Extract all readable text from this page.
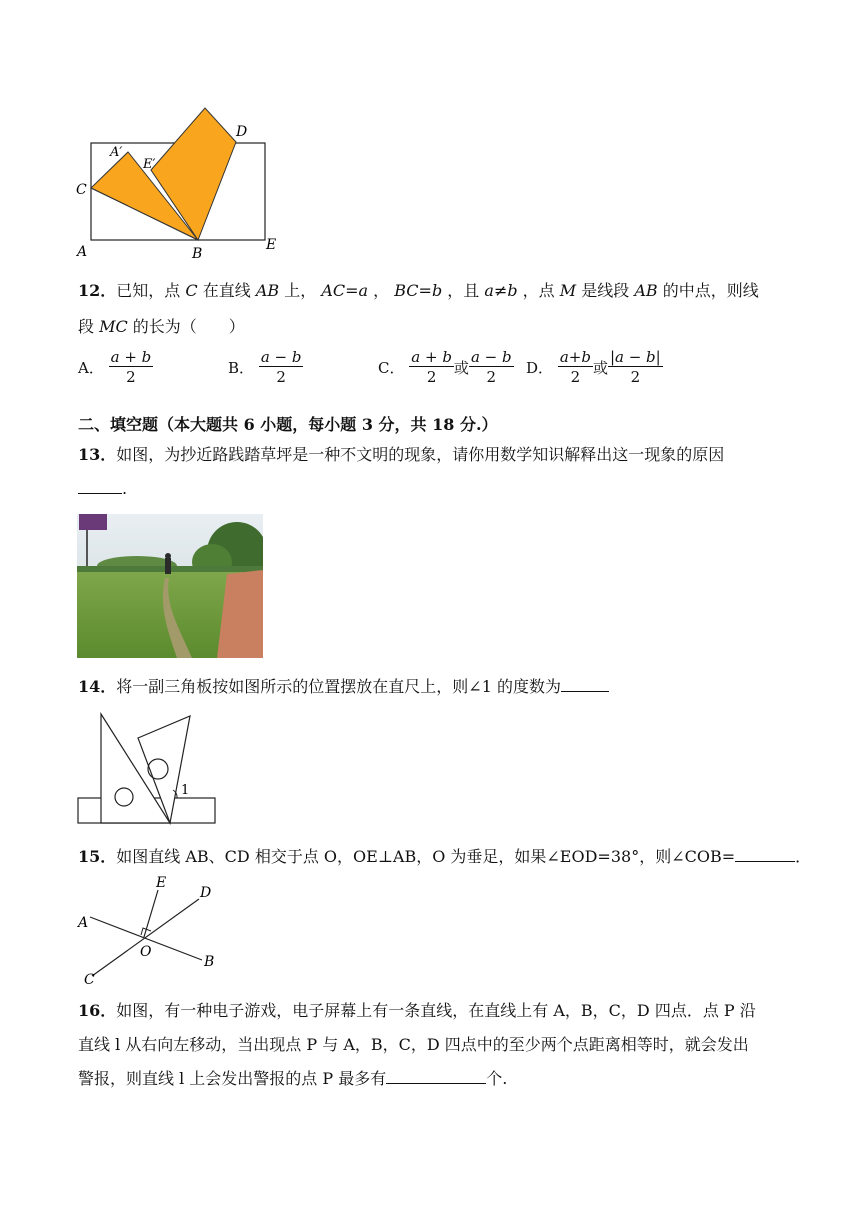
A′
E′
D
C
A	B
E
12．已知，点 C 在直线 AB 上， AC=a ， BC=b ，且 a≠b ，点 M 是线段 AB 的中点，则线
段 MC 的长为（　　）
A． $\frac{a + b}{2}$	B． $\frac{a - b}{2}$	C． $\frac{a + b}{2}$ 或 $\frac{a - b}{2}$ D． $\frac{a+b}{2}$ 或 $\frac{|a - b|}{2}$
二、填空题（本大题共 6 小题，每小题 3 分，共 18 分.）
13．如图，为抄近路践踏草坪是一种不文明的现象，请你用数学知识解释出这一现象的原因
.
14．将一副三角板按如图所示的位置摆放在直尺上，则∠1 的度数为
1
15．如图直线 AB、CD 相交于点 O，OE⊥AB，O 为垂足，如果∠EOD=38°，则∠COB=	．
E
D
A
O
B
C
16．如图，有一种电子游戏，电子屏幕上有一条直线，在直线上有 A，B，C，D 四点．点 P 沿
直线 l 从右向左移动，当出现点 P 与 A，B，C，D 四点中的至少两个点距离相等时，就会发出
警报，则直线 l 上会发出警报的点 P 最多有	个.
